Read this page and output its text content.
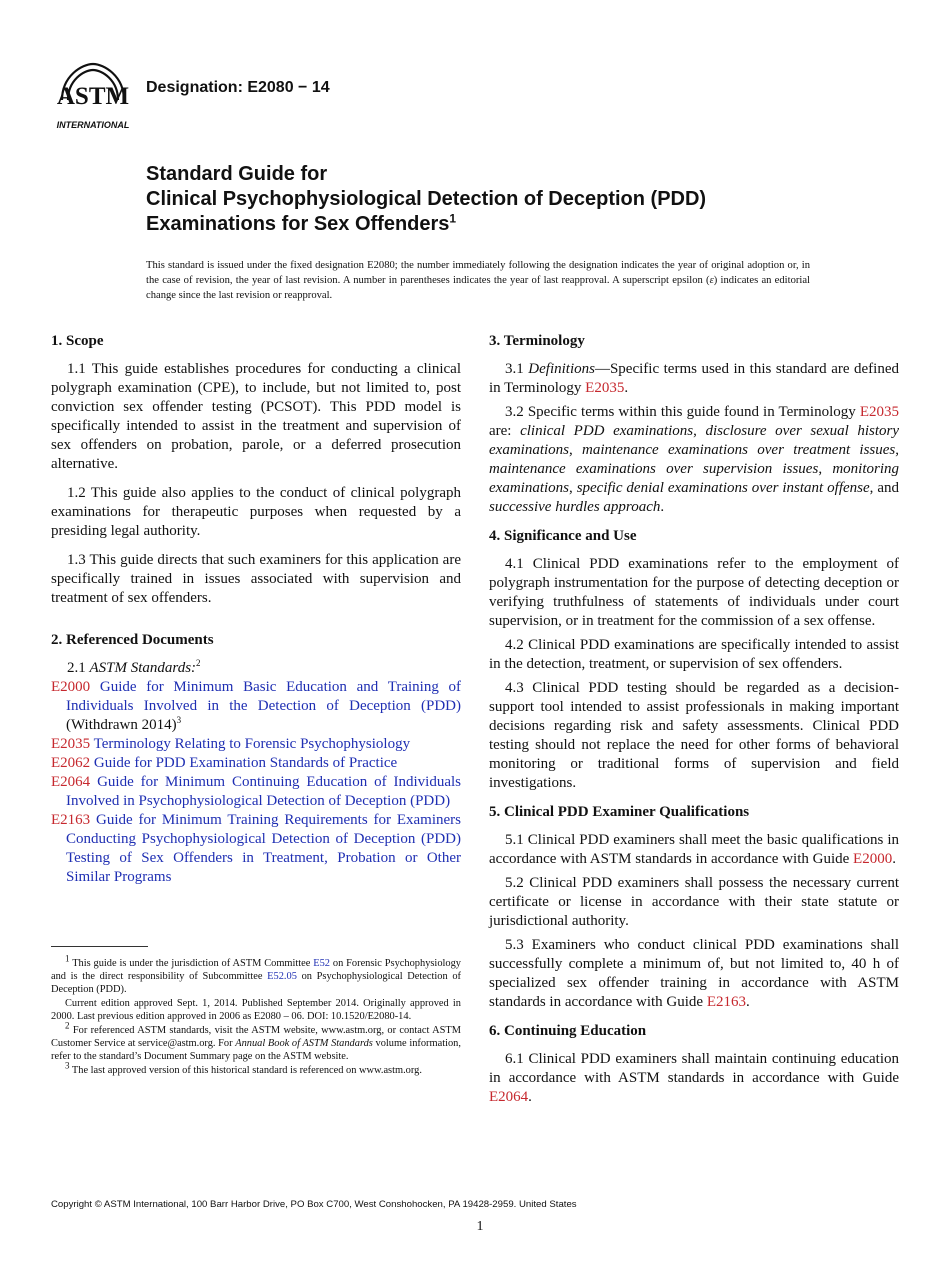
ASTM
INTERNATIONAL
Designation: E2080 − 14
Standard Guide for
Clinical Psychophysiological Detection of Deception (PDD)
Examinations for Sex Offenders$^1$
This standard is issued under the fixed designation E2080; the number immediately following the designation indicates the year of original adoption or, in the case of revision, the year of last revision. A number in parentheses indicates the year of last reapproval. A superscript epsilon (ε) indicates an editorial change since the last revision or reapproval.
1. Scope
1.1 This guide establishes procedures for conducting a clinical polygraph examination (CPE), to include, but not limited to, post conviction sex offender testing (PCSOT). This PDD model is specifically intended to assist in the treatment and supervision of sex offenders on probation, parole, or a deferred prosecution alternative.
1.2 This guide also applies to the conduct of clinical polygraph examinations for therapeutic purposes when requested by a presiding legal authority.
1.3 This guide directs that such examiners for this application are specifically trained in issues associated with supervision and treatment of sex offenders.
2. Referenced Documents
2.1 ASTM Standards:$^2$
E2000 Guide for Minimum Basic Education and Training of Individuals Involved in the Detection of Deception (PDD) (Withdrawn 2014)$^3$
E2035 Terminology Relating to Forensic Psychophysiology
E2062 Guide for PDD Examination Standards of Practice
E2064 Guide for Minimum Continuing Education of Individuals Involved in Psychophysiological Detection of Deception (PDD)
E2163 Guide for Minimum Training Requirements for Examiners Conducting Psychophysiological Detection of Deception (PDD) Testing of Sex Offenders in Treatment, Probation or Other Similar Programs
$^1$ This guide is under the jurisdiction of ASTM Committee E52 on Forensic Psychophysiology and is the direct responsibility of Subcommittee E52.05 on Psychophysiological Detection of Deception (PDD).
Current edition approved Sept. 1, 2014. Published September 2014. Originally approved in 2000. Last previous edition approved in 2006 as E2080 – 06. DOI: 10.1520/E2080-14.
$^2$ For referenced ASTM standards, visit the ASTM website, www.astm.org, or contact ASTM Customer Service at service@astm.org. For Annual Book of ASTM Standards volume information, refer to the standard’s Document Summary page on the ASTM website.
$^3$ The last approved version of this historical standard is referenced on www.astm.org.
3. Terminology
3.1 Definitions—Specific terms used in this standard are defined in Terminology E2035.
3.2 Specific terms within this guide found in Terminology E2035 are: clinical PDD examinations, disclosure over sexual history examinations, maintenance examinations over treatment issues, maintenance examinations over supervision issues, monitoring examinations, specific denial examinations over instant offense, and successive hurdles approach.
4. Significance and Use
4.1 Clinical PDD examinations refer to the employment of polygraph instrumentation for the purpose of detecting deception or verifying truthfulness of statements of individuals under court supervision, or in treatment for the commission of a sex offense.
4.2 Clinical PDD examinations are specifically intended to assist in the detection, treatment, or supervision of sex offenders.
4.3 Clinical PDD testing should be regarded as a decision-support tool intended to assist professionals in making important decisions regarding risk and safety assessments. Clinical PDD testing should not replace the need for other forms of behavioral monitoring or traditional forms of supervision and field investigations.
5. Clinical PDD Examiner Qualifications
5.1 Clinical PDD examiners shall meet the basic qualifications in accordance with ASTM standards in accordance with Guide E2000.
5.2 Clinical PDD examiners shall possess the necessary current certificate or license in accordance with their state statute or jurisdictional authority.
5.3 Examiners who conduct clinical PDD examinations shall successfully complete a minimum of, but not limited to, 40 h of specialized sex offender training in accordance with ASTM standards in accordance with Guide E2163.
6. Continuing Education
6.1 Clinical PDD examiners shall maintain continuing education in accordance with ASTM standards in accordance with Guide E2064.
Copyright © ASTM International, 100 Barr Harbor Drive, PO Box C700, West Conshohocken, PA 19428-2959. United States
1
